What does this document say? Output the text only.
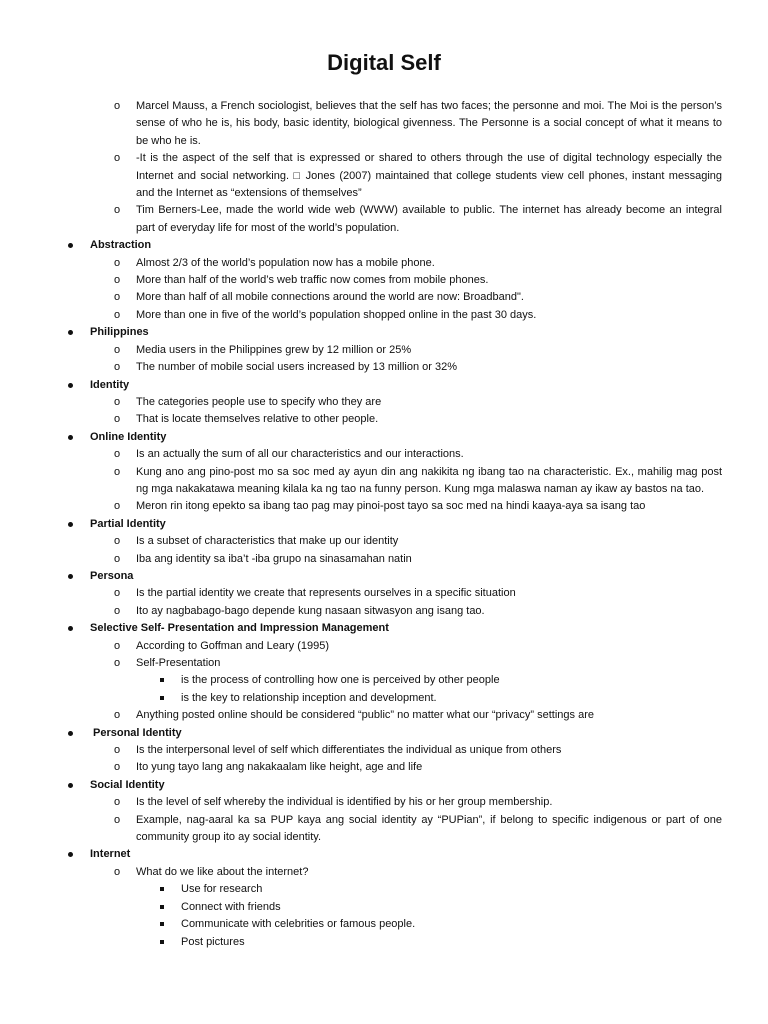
Digital Self
o Marcel Mauss, a French sociologist, believes that the self has two faces; the personne and moi. The Moi is the person’s sense of who he is, his body, basic identity, biological givenness. The Personne is a social concept of what it means to be who he is.
o -It is the aspect of the self that is expressed or shared to others through the use of digital technology especially the Internet and social networking. □ Jones (2007) maintained that college students view cell phones, instant messaging and the Internet as “extensions of themselves”
o Tim Berners-Lee, made the world wide web (WWW) available to public. The internet has already become an integral part of everyday life for most of the world’s population.
Abstraction
o Almost 2/3 of the world’s population now has a mobile phone.
o More than half of the world’s web traffic now comes from mobile phones.
o More than half of all mobile connections around the world are now: Broadband".
o More than one in five of the world’s population shopped online in the past 30 days.
Philippines
o Media users in the Philippines grew by 12 million or 25%
o The number of mobile social users increased by 13 million or 32%
Identity
o The categories people use to specify who they are
o That is locate themselves relative to other people.
Online Identity
o Is an actually the sum of all our characteristics and our interactions.
o Kung ano ang pino-post mo sa soc med ay ayun din ang nakikita ng ibang tao na characteristic. Ex., mahilig mag post ng mga nakakatawa meaning kilala ka ng tao na funny person. Kung mga malaswa naman ay ikaw ay bastos na tao.
o Meron rin itong epekto sa ibang tao pag may pinoi-post tayo sa soc med na hindi kaaya-aya sa isang tao
Partial Identity
o Is a subset of characteristics that make up our identity
o Iba ang identity sa iba’t -iba grupo na sinasamahan natin
Persona
o Is the partial identity we create that represents ourselves in a specific situation
o Ito ay nagbabago-bago depende kung nasaan sitwasyon ang isang tao.
Selective Self- Presentation and Impression Management
o According to Goffman and Leary (1995)
o Self-Presentation
is the process of controlling how one is perceived by other people
is the key to relationship inception and development.
o Anything posted online should be considered “public” no matter what our “privacy” settings are
Personal Identity
o Is the interpersonal level of self which differentiates the individual as unique from others
o Ito yung tayo lang ang nakakaalam like height, age and life
Social Identity
o Is the level of self whereby the individual is identified by his or her group membership.
o Example, nag-aaral ka sa PUP kaya ang social identity ay “PUPian”, if belong to specific indigenous or part of one community group ito ay social identity.
Internet
o What do we like about the internet?
Use for research
Connect with friends
Communicate with celebrities or famous people.
Post pictures
